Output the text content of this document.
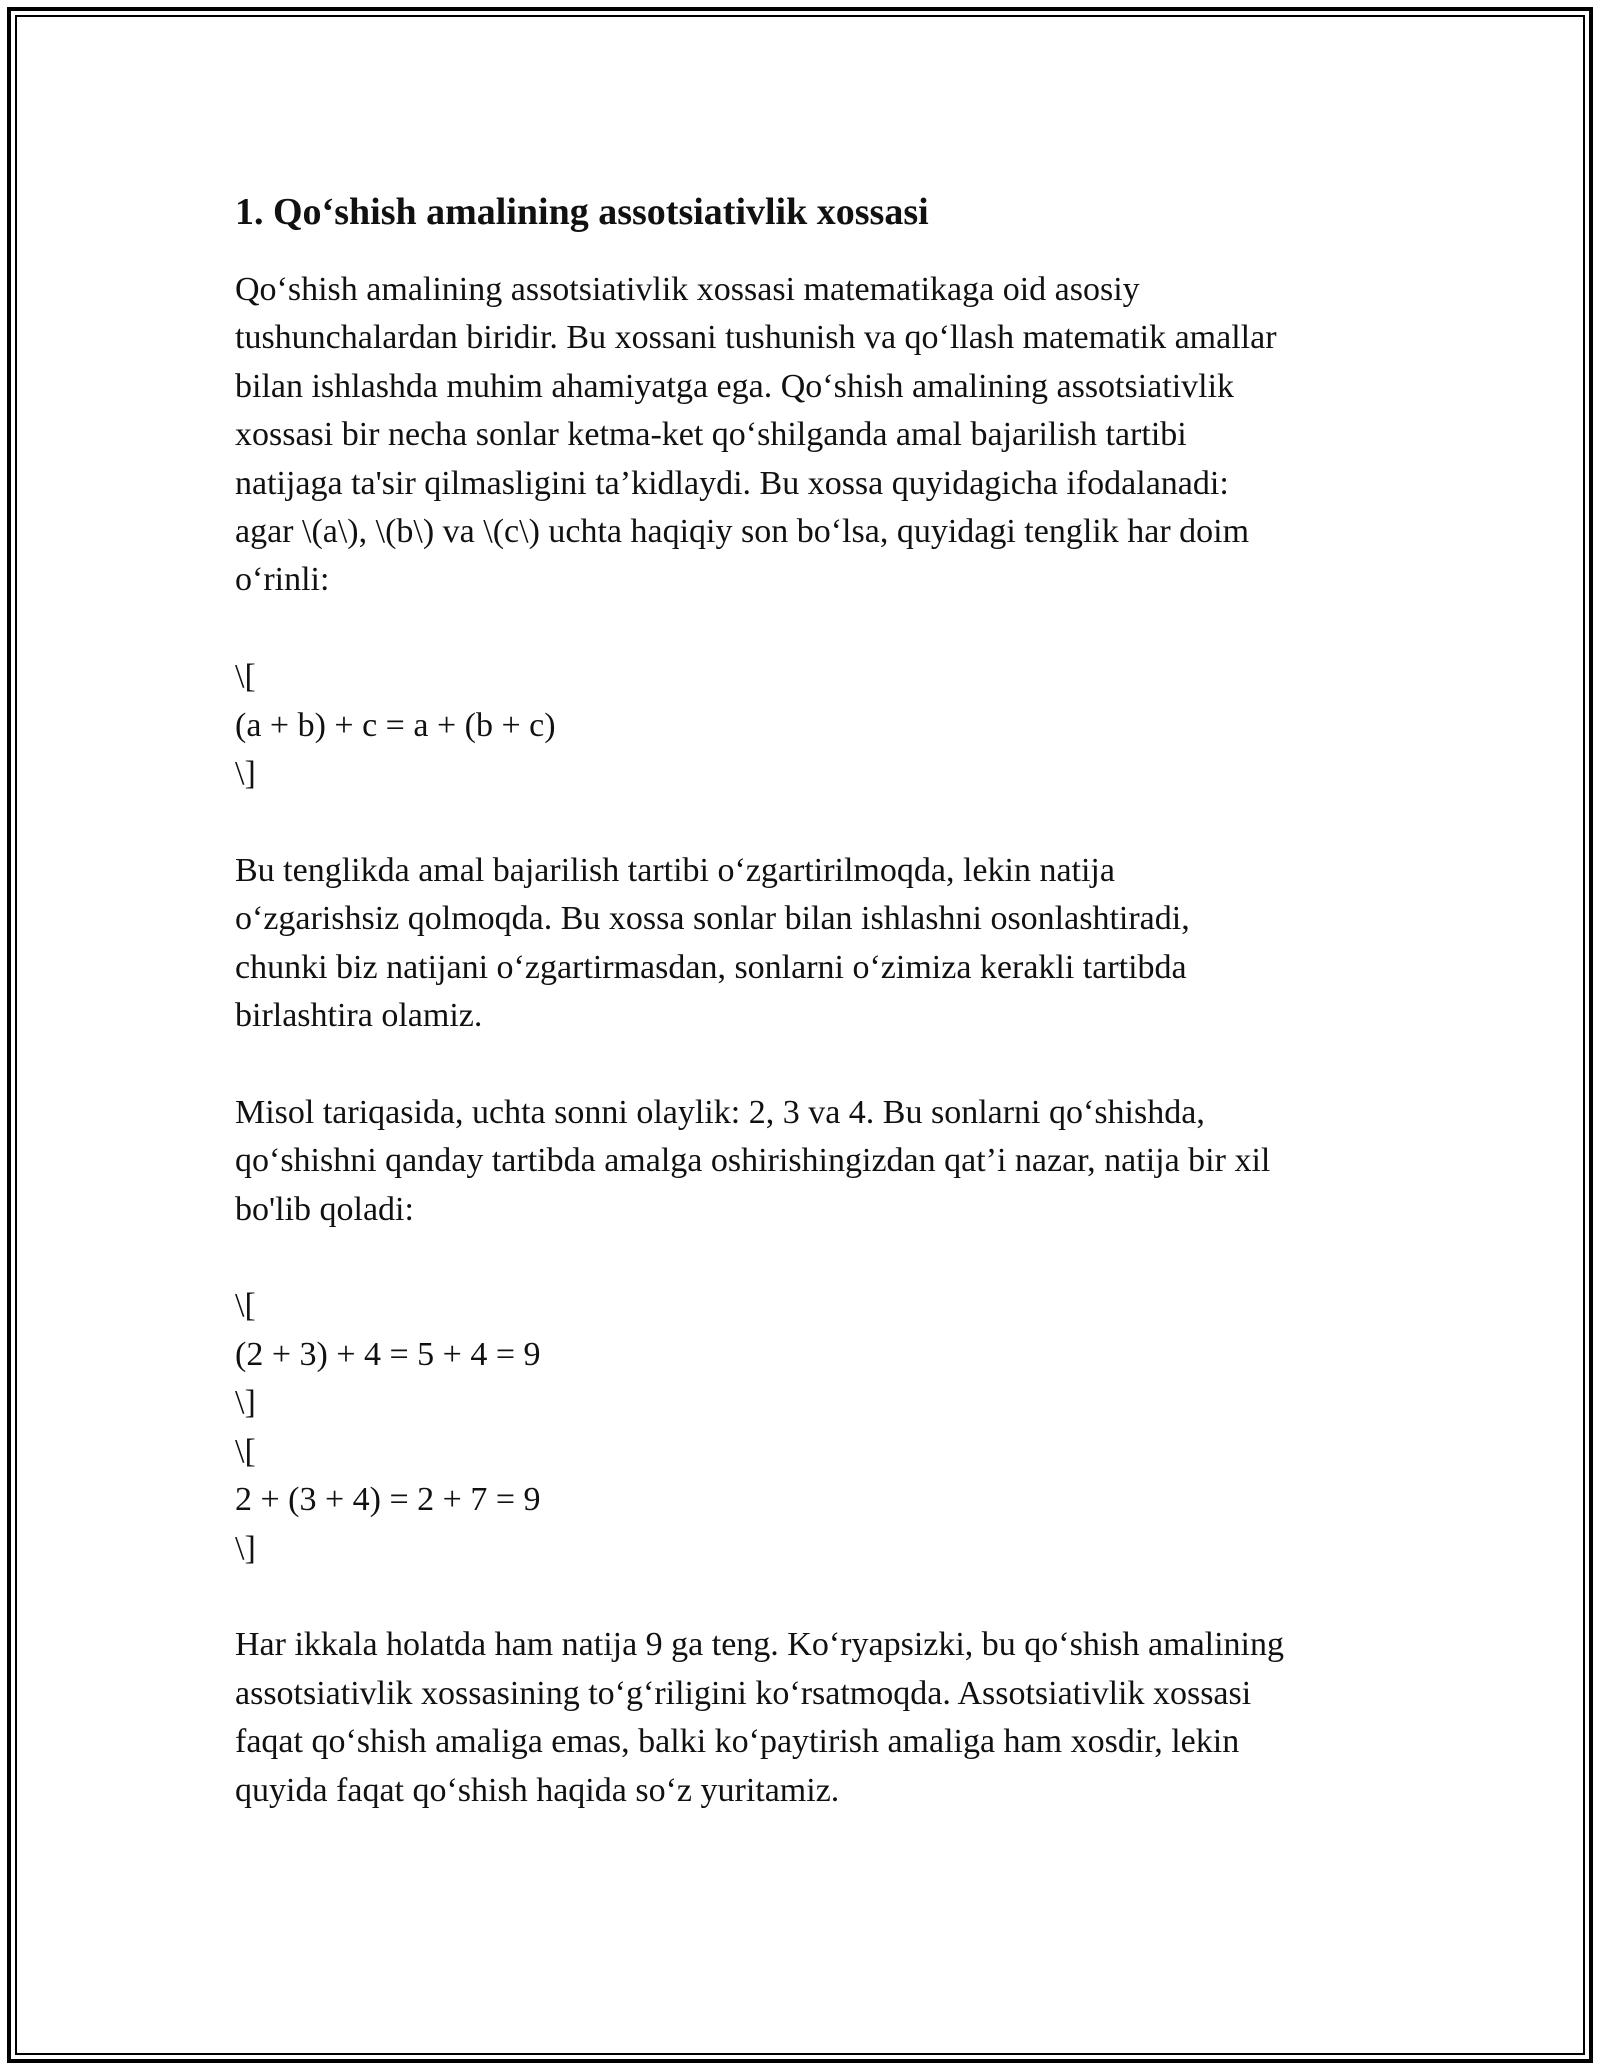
1. Qo‘shish amalining assotsiativlik xossasi

Qo‘shish amalining assotsiativlik xossasi matematikaga oid asosiy
tushunchalardan biridir. Bu xossani tushunish va qo‘llash matematik amallar
bilan ishlashda muhim ahamiyatga ega. Qo‘shish amalining assotsiativlik
xossasi bir necha sonlar ketma-ket qo‘shilganda amal bajarilish tartibi
natijaga ta'sir qilmasligini ta’kidlaydi. Bu xossa quyidagicha ifodalanadi:
agar \(a\), \(b\) va \(c\) uchta haqiqiy son bo‘lsa, quyidagi tenglik har doim
o‘rinli:

\[
(a + b) + c = a + (b + c)
\]

Bu tenglikda amal bajarilish tartibi o‘zgartirilmoqda, lekin natija
o‘zgarishsiz qolmoqda. Bu xossa sonlar bilan ishlashni osonlashtiradi,
chunki biz natijani o‘zgartirmasdan, sonlarni o‘zimiza kerakli tartibda
birlashtira olamiz.

Misol tariqasida, uchta sonni olaylik: 2, 3 va 4. Bu sonlarni qo‘shishda,
qo‘shishni qanday tartibda amalga oshirishingizdan qat’i nazar, natija bir xil
bo'lib qoladi:

\[
(2 + 3) + 4 = 5 + 4 = 9
\]
\[
2 + (3 + 4) = 2 + 7 = 9
\]

Har ikkala holatda ham natija 9 ga teng. Ko‘ryapsizki, bu qo‘shish amalining
assotsiativlik xossasining to‘g‘riligini ko‘rsatmoqda. Assotsiativlik xossasi
faqat qo‘shish amaliga emas, balki ko‘paytirish amaliga ham xosdir, lekin
quyida faqat qo‘shish haqida so‘z yuritamiz.
